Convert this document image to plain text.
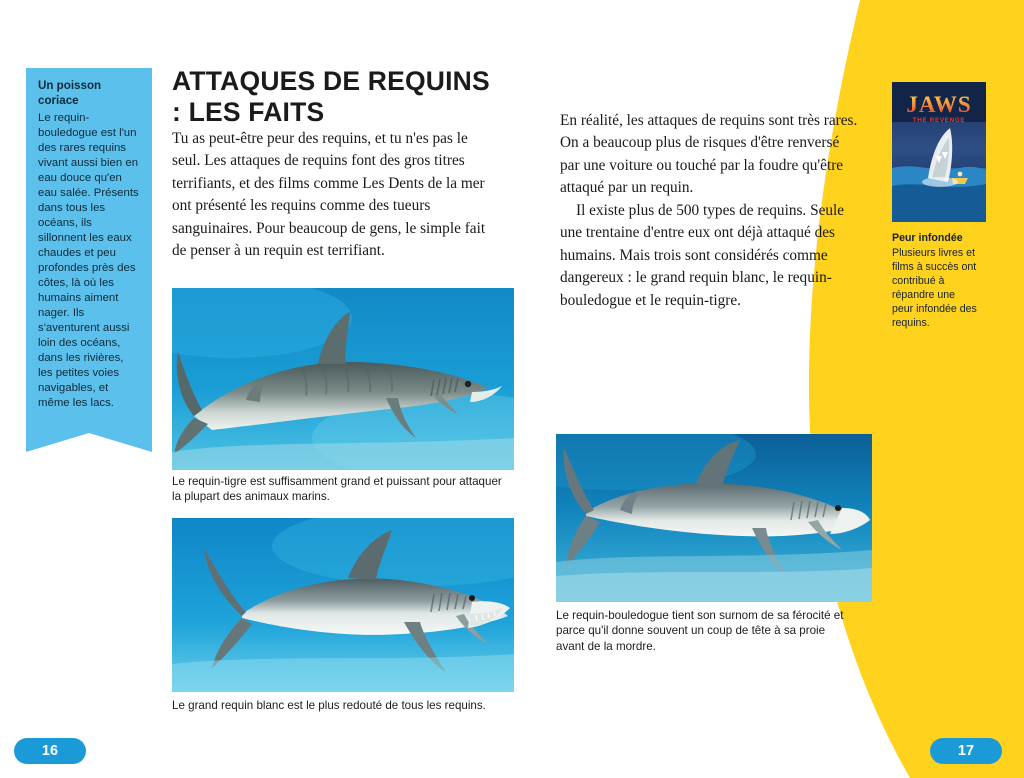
Un poisson coriace
Le requin-bouledogue est l'un des rares requins vivant aussi bien en eau douce qu'en eau salée. Présents dans tous les océans, ils sillonnent les eaux chaudes et peu profondes près des côtes, là où les humains aiment nager. Ils s'aventurent aussi loin des océans, dans les rivières, les petites voies navigables, et même les lacs.
ATTAQUES DE REQUINS : LES FAITS

Tu as peut-être peur des requins, et tu n'es pas le seul. Les attaques de requins font des gros titres terrifiants, et des films comme Les Dents de la mer ont présenté les requins comme des tueurs sanguinaires. Pour beaucoup de gens, le simple fait de penser à un requin est terrifiant.

En réalité, les attaques de requins sont très rares. On a beaucoup plus de risques d'être renversé par une voiture ou touché par la foudre qu'être attaqué par un requin.

Il existe plus de 500 types de requins. Seule une trentaine d'entre eux ont déjà attaqué des humains. Mais trois sont considérés comme dangereux : le grand requin blanc, le requin-bouledogue et le requin-tigre.

Le requin-tigre est suffisamment grand et puissant pour attaquer la plupart des animaux marins.
Le grand requin blanc est le plus redouté de tous les requins.
Le requin-bouledogue tient son surnom de sa férocité et parce qu'il donne souvent un coup de tête à sa proie avant de la mordre.
JAWS
THE REVENGE
Peur infondée
Plusieurs livres et films à succès ont contribué à répandre une peur infondée des requins.
16	17
